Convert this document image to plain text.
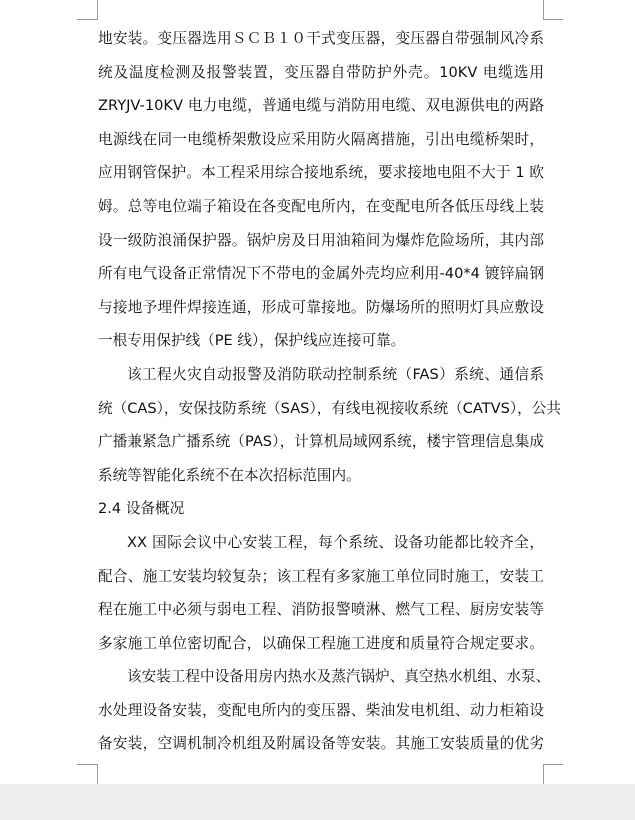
地安装。变压器选用ＳＣＢ１０干式变压器，变压器自带强制风冷系
统及温度检测及报警装置，变压器自带防护外壳。10KV 电缆选用
ZRYJV-10KV 电力电缆，普通电缆与消防用电缆、双电源供电的两路
电源线在同一电缆桥架敷设应采用防火隔离措施，引出电缆桥架时，
应用钢管保护。本工程采用综合接地系统，要求接地电阻不大于 1 欧
姆。总等电位端子箱设在各变配电所内，在变配电所各低压母线上装
设一级防浪涌保护器。锅炉房及日用油箱间为爆炸危险场所，其内部
所有电气设备正常情况下不带电的金属外壳均应利用-40*4 镀锌扁钢
与接地予埋件焊接连通，形成可靠接地。防爆场所的照明灯具应敷设
一根专用保护线（PE 线），保护线应连接可靠。
该工程火灾自动报警及消防联动控制系统（FAS）系统、通信系
统（CAS），安保技防系统（SAS），有线电视接收系统（CATVS），公共
广播兼紧急广播系统（PAS），计算机局域网系统，楼宇管理信息集成
系统等智能化系统不在本次招标范围内。
2.4 设备概况
XX 国际会议中心安装工程，每个系统、设备功能都比较齐全，
配合、施工安装均较复杂；该工程有多家施工单位同时施工，安装工
程在施工中必须与弱电工程、消防报警喷淋、燃气工程、厨房安装等
多家施工单位密切配合，以确保工程施工进度和质量符合规定要求。
该安装工程中设备用房内热水及蒸汽锅炉、真空热水机组、水泵、
水处理设备安装，变配电所内的变压器、柴油发电机组、动力柜箱设
备安装，空调机制冷机组及附属设备等安装。其施工安装质量的优劣
